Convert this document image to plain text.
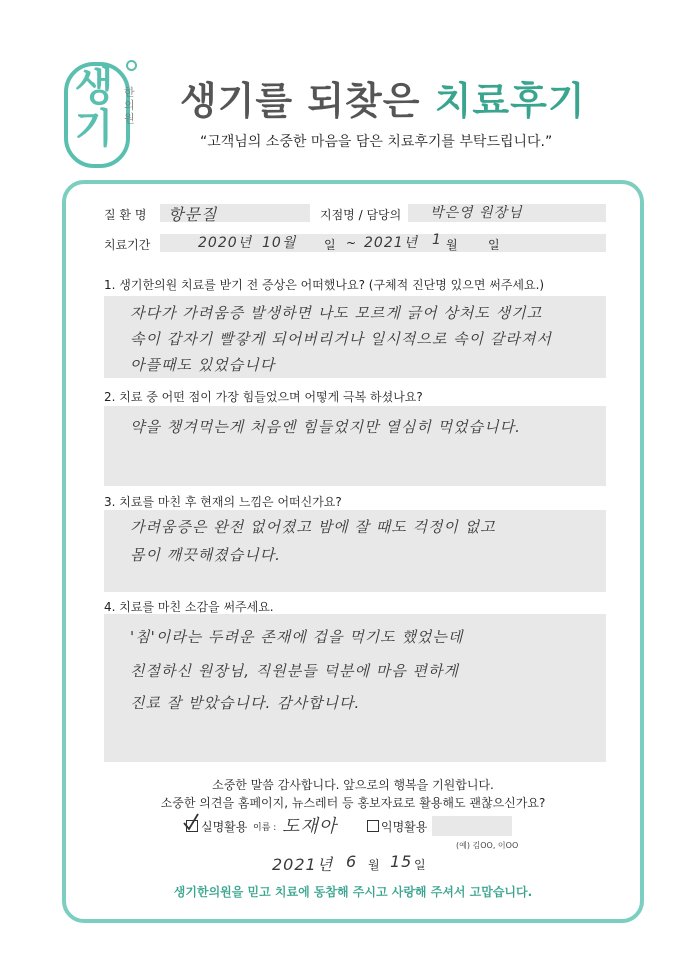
생기
한의원 생기를 되찾은 치료후기
“고객님의 소중한 마음을 담은 치료후기를 부탁드립니다.”
질 환 명 항문질	지점명 / 담당의 박은영 원장님
치료기간	2020년 10월 일 ~ 2021년 1 월	일
1. 생기한의원 치료를 받기 전 증상은 어떠했나요? (구체적 진단명 있으면 써주세요.)
자다가 가려움증 발생하면 나도 모르게 긁어 상처도 생기고
속이 갑자기 빨갛게 되어버리거나 일시적으로 속이 갈라져서
아플때도 있었습니다
2. 치료 중 어떤 점이 가장 힘들었으며 어떻게 극복 하셨나요?
약을 챙겨먹는게 처음엔 힘들었지만 열심히 먹었습니다.
3. 치료를 마친 후 현재의 느낌은 어떠신가요?
가려움증은 완전 없어졌고 밤에 잘 때도 걱정이 없고
몸이 깨끗해졌습니다.
4. 치료를 마친 소감을 써주세요.
'침'이라는 두려운 존재에 겁을 먹기도 했었는데
친절하신 원장님, 직원분들 덕분에 마음 편하게
진료 잘 받았습니다. 감사합니다.
소중한 말씀 감사합니다. 앞으로의 행복을 기원합니다.
소중한 의견을 홈페이지, 뉴스레터 등 홍보자료로 활용해도 괜찮으신가요?
실명활용 이름 : 도재아	익명활용
(예) 김OO, 이OO
2021년 6 월 15 일
생기한의원을 믿고 치료에 동참해 주시고 사랑해 주셔서 고맙습니다.
